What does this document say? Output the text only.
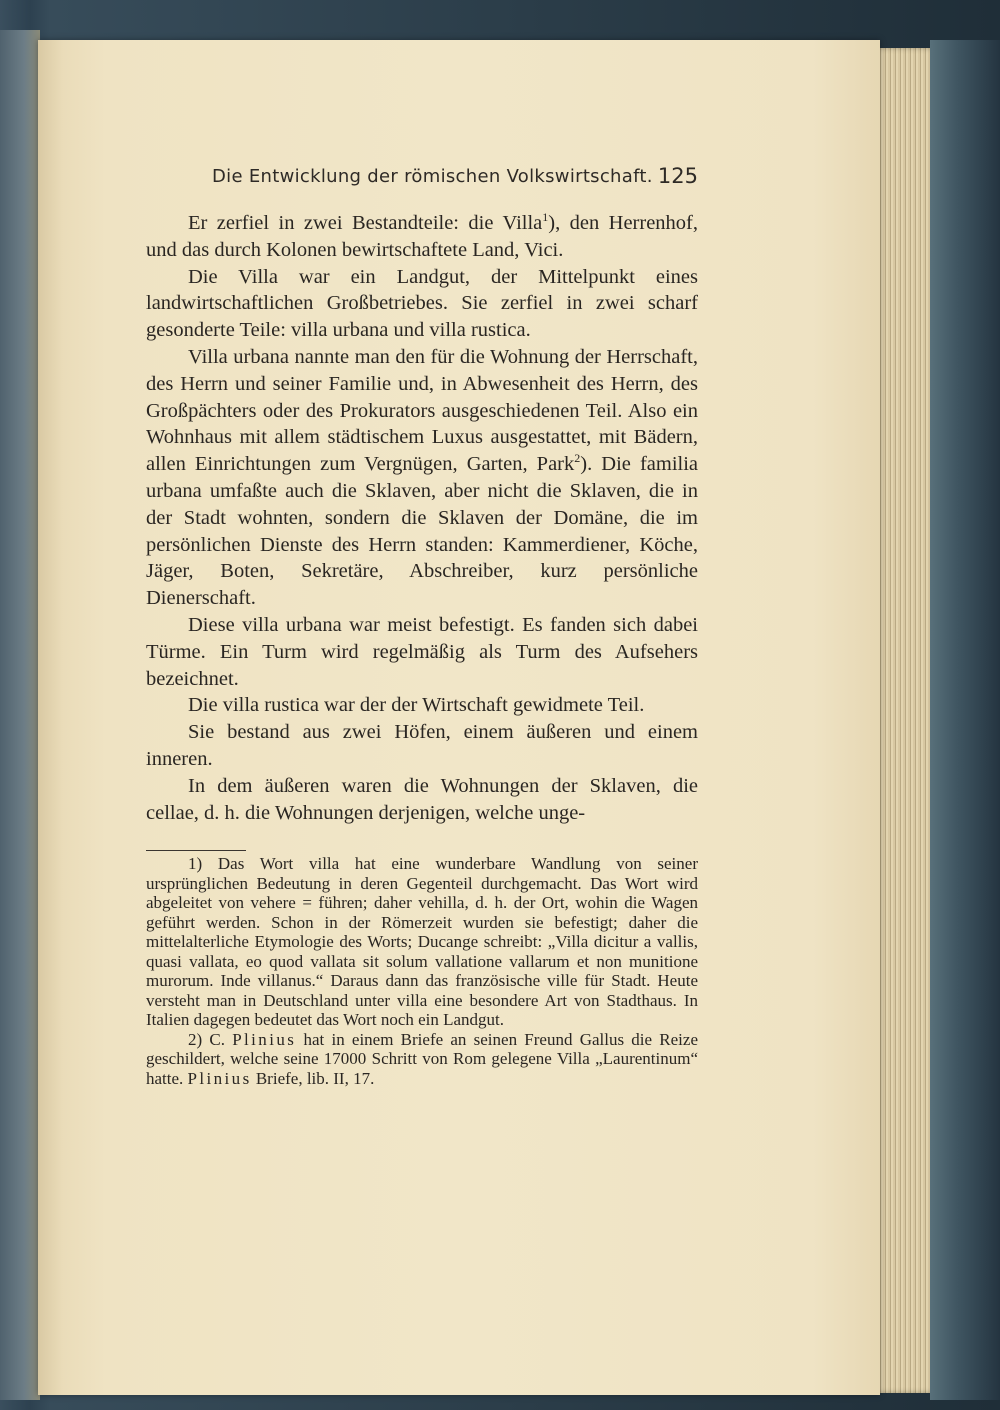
Die Entwicklung der römischen Volkswirtschaft. 125

Er zerfiel in zwei Bestandteile: die Villa$^1$), den Herrenhof, und das durch Kolonen bewirtschaftete Land, Vici.

Die Villa war ein Landgut, der Mittelpunkt eines landwirtschaftlichen Großbetriebes. Sie zerfiel in zwei scharf gesonderte Teile: villa urbana und villa rustica.

Villa urbana nannte man den für die Wohnung der Herrschaft, des Herrn und seiner Familie und, in Abwesenheit des Herrn, des Großpächters oder des Prokurators ausgeschiedenen Teil. Also ein Wohnhaus mit allem städtischem Luxus ausgestattet, mit Bädern, allen Einrichtungen zum Vergnügen, Garten, Park$^2$). Die familia urbana umfaßte auch die Sklaven, aber nicht die Sklaven, die in der Stadt wohnten, sondern die Sklaven der Domäne, die im persönlichen Dienste des Herrn standen: Kammerdiener, Köche, Jäger, Boten, Sekretäre, Abschreiber, kurz persönliche Dienerschaft.

Diese villa urbana war meist befestigt. Es fanden sich dabei Türme. Ein Turm wird regelmäßig als Turm des Aufsehers bezeichnet.

Die villa rustica war der der Wirtschaft gewidmete Teil.

Sie bestand aus zwei Höfen, einem äußeren und einem inneren.

In dem äußeren waren die Wohnungen der Sklaven, die cellae, d. h. die Wohnungen derjenigen, welche unge-

1) Das Wort villa hat eine wunderbare Wandlung von seiner ursprünglichen Bedeutung in deren Gegenteil durchgemacht. Das Wort wird abgeleitet von vehere = führen; daher vehilla, d. h. der Ort, wohin die Wagen geführt werden. Schon in der Römerzeit wurden sie befestigt; daher die mittelalterliche Etymologie des Worts; Ducange schreibt: „Villa dicitur a vallis, quasi vallata, eo quod vallata sit solum vallatione vallarum et non munitione murorum. Inde villanus.“ Daraus dann das französische ville für Stadt. Heute versteht man in Deutschland unter villa eine besondere Art von Stadthaus. In Italien dagegen bedeutet das Wort noch ein Landgut.

2) C. Plinius hat in einem Briefe an seinen Freund Gallus die Reize geschildert, welche seine 17000 Schritt von Rom gelegene Villa „Laurentinum“ hatte. Plinius Briefe, lib. II, 17.
